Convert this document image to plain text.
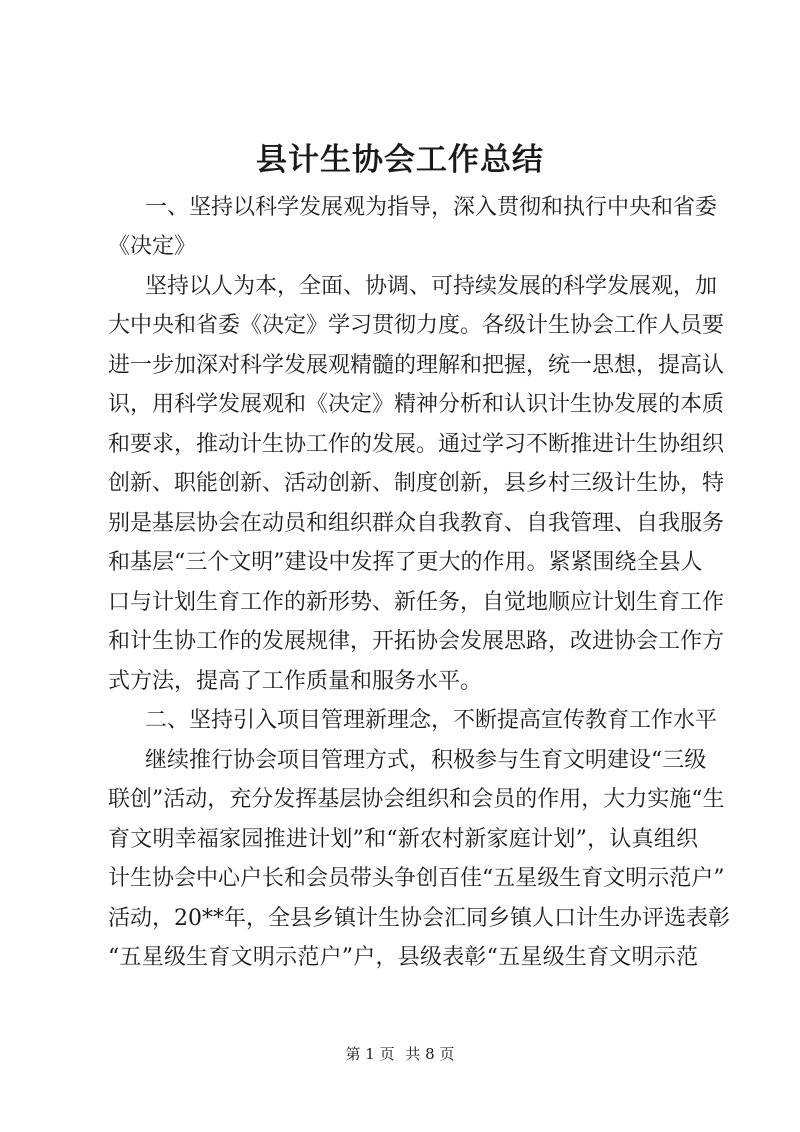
县计生协会工作总结

一、坚持以科学发展观为指导，深入贯彻和执行中央和省委

《决定》

坚持以人为本，全面、协调、可持续发展的科学发展观，加

大中央和省委《决定》学习贯彻力度。各级计生协会工作人员要

进一步加深对科学发展观精髓的理解和把握，统一思想，提高认

识，用科学发展观和《决定》精神分析和认识计生协发展的本质

和要求，推动计生协工作的发展。通过学习不断推进计生协组织

创新、职能创新、活动创新、制度创新，县乡村三级计生协，特

别是基层协会在动员和组织群众自我教育、自我管理、自我服务

和基层“三个文明”建设中发挥了更大的作用。紧紧围绕全县人

口与计划生育工作的新形势、新任务，自觉地顺应计划生育工作

和计生协工作的发展规律，开拓协会发展思路，改进协会工作方

式方法，提高了工作质量和服务水平。

二、坚持引入项目管理新理念，不断提高宣传教育工作水平

继续推行协会项目管理方式，积极参与生育文明建设“三级

联创”活动，充分发挥基层协会组织和会员的作用，大力实施“生

育文明幸福家园推进计划”和“新农村新家庭计划”，认真组织

计生协会中心户长和会员带头争创百佳“五星级生育文明示范户”

活动，20**年，全县乡镇计生协会汇同乡镇人口计生办评选表彰

“五星级生育文明示范户”户，县级表彰“五星级生育文明示范

第 1 页 共 8 页
